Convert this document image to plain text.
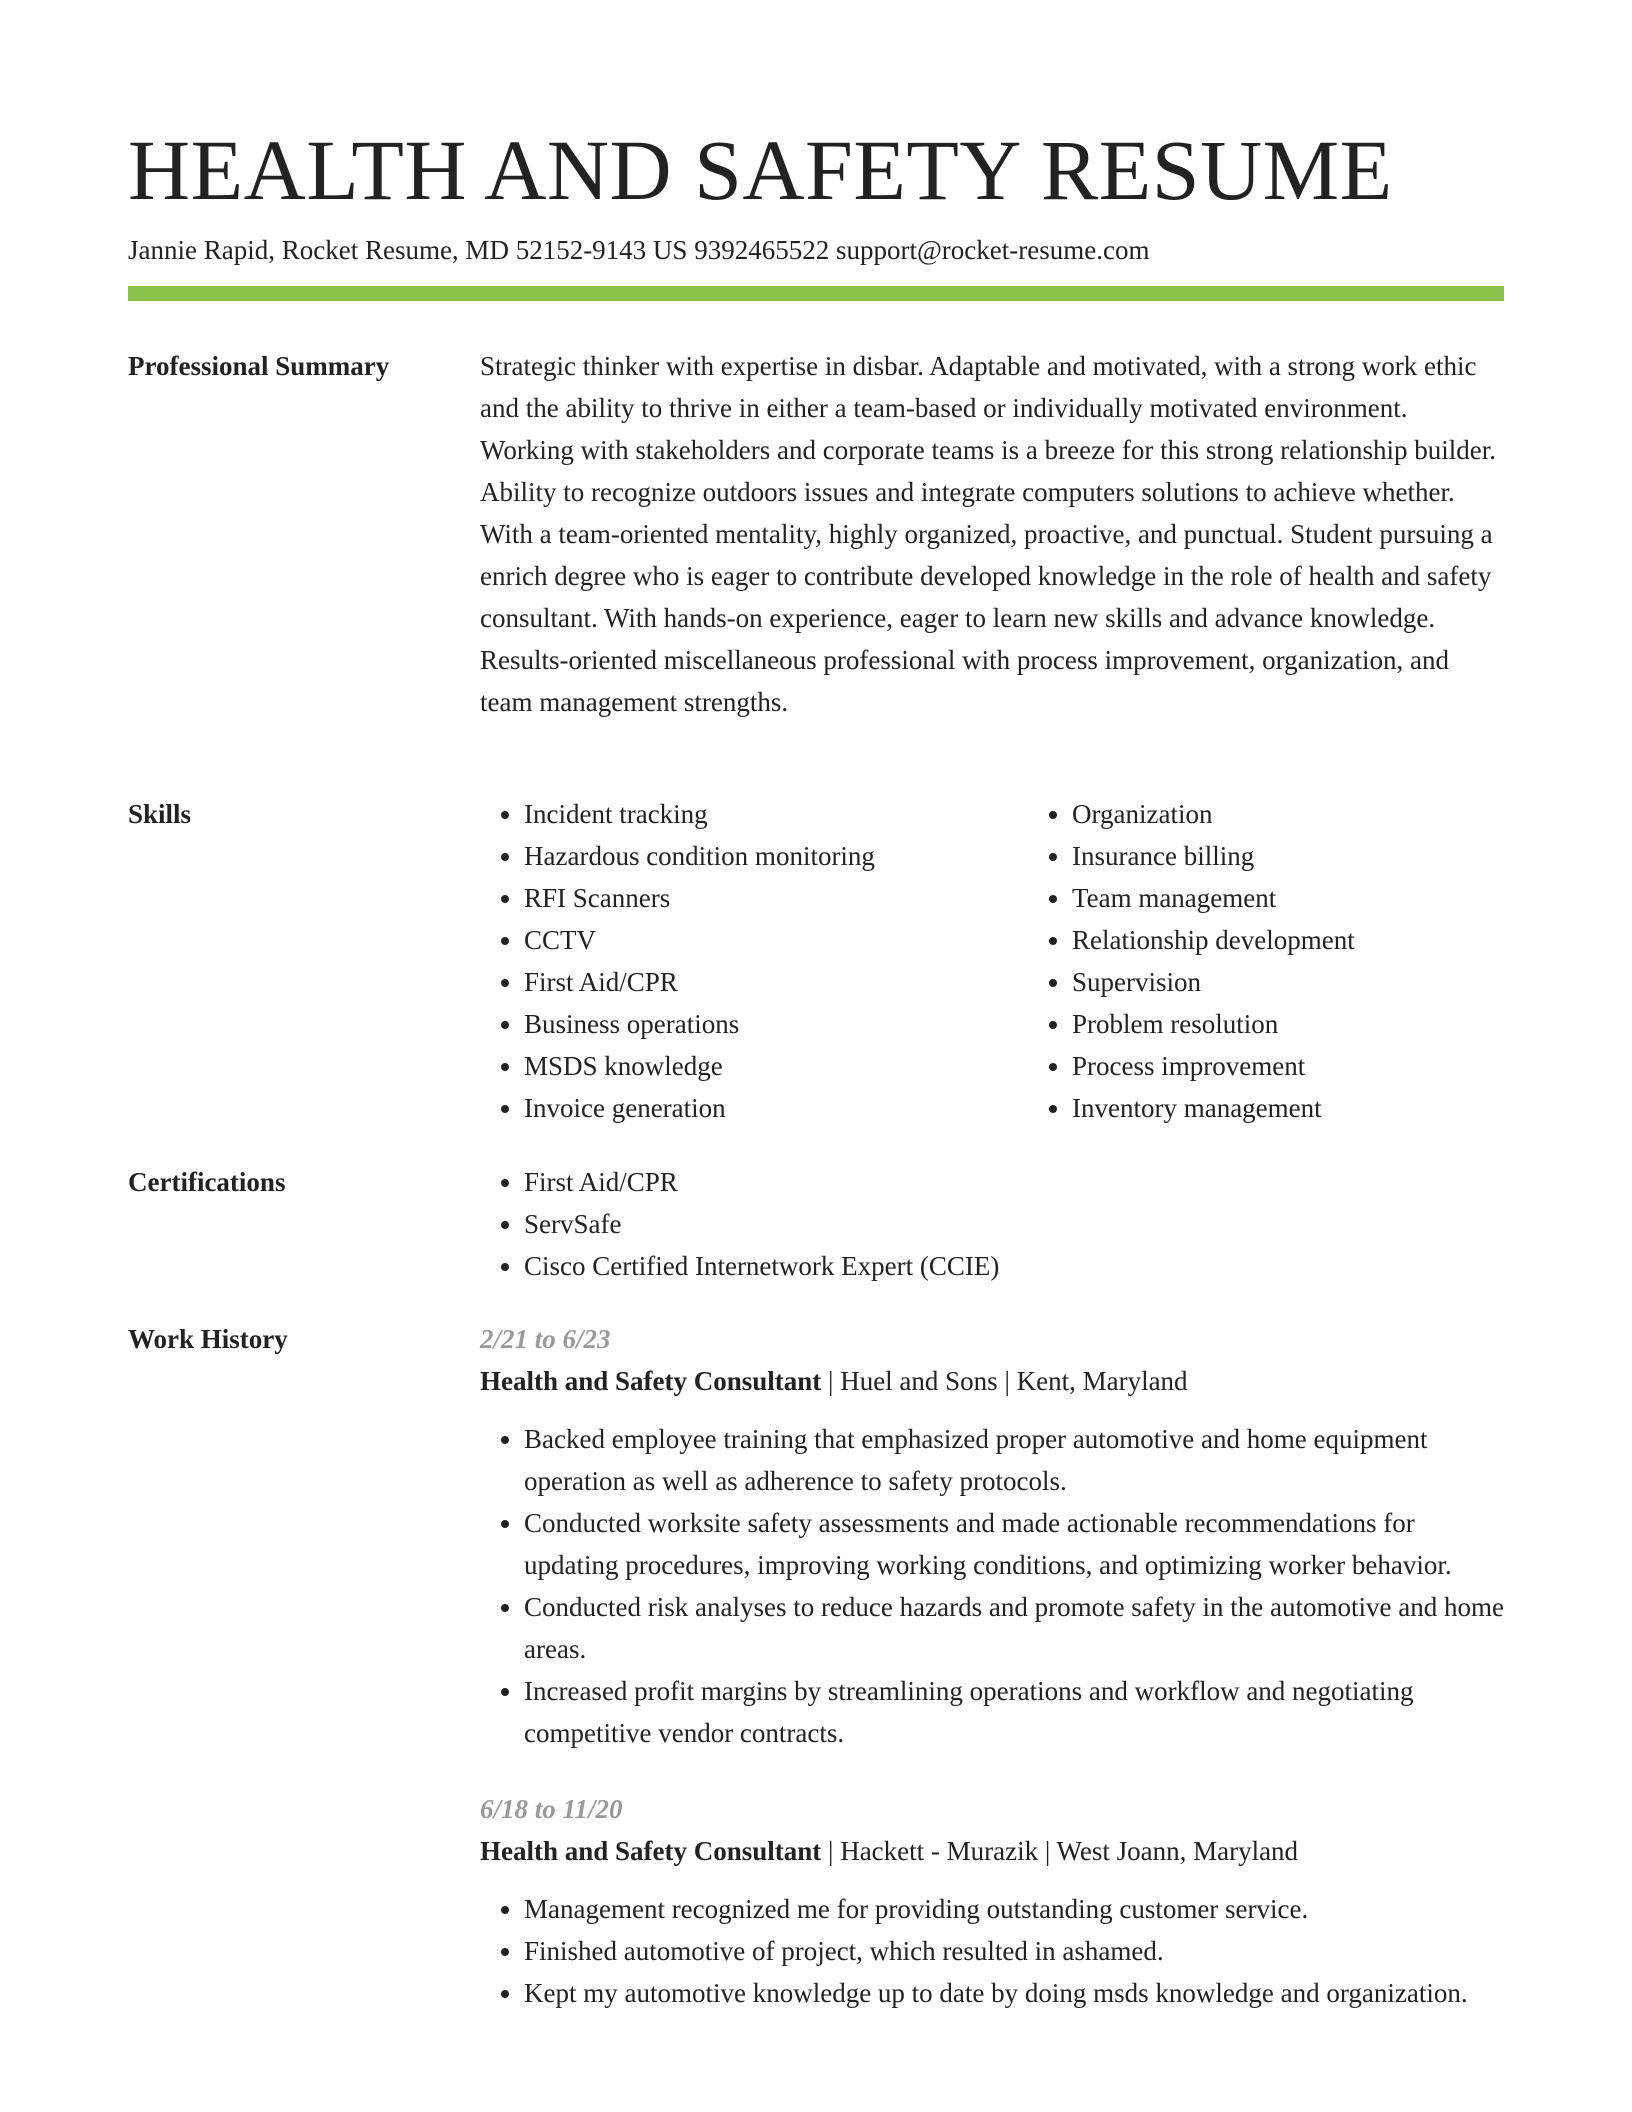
HEALTH AND SAFETY RESUME
Jannie Rapid, Rocket Resume, MD 52152-9143 US 9392465522 support@rocket-resume.com
Professional Summary	Strategic thinker with expertise in disbar. Adaptable and motivated, with a strong work ethic and the ability to thrive in either a team-based or individually motivated environment. Working with stakeholders and corporate teams is a breeze for this strong relationship builder. Ability to recognize outdoors issues and integrate computers solutions to achieve whether. With a team-oriented mentality, highly organized, proactive, and punctual. Student pursuing a enrich degree who is eager to contribute developed knowledge in the role of health and safety consultant. With hands-on experience, eager to learn new skills and advance knowledge. Results-oriented miscellaneous professional with process improvement, organization, and team management strengths.

Skills	• Incident tracking
• Hazardous condition monitoring
• RFI Scanners
• CCTV
• First Aid/CPR
• Business operations
• MSDS knowledge
• Invoice generation
• Organization
• Insurance billing
• Team management
• Relationship development
• Supervision
• Problem resolution
• Process improvement
• Inventory management
Certifications	• First Aid/CPR
• ServSafe
• Cisco Certified Internetwork Expert (CCIE)
Work History	2/21 to 6/23
Health and Safety Consultant | Huel and Sons | Kent, Maryland
• Backed employee training that emphasized proper automotive and home equipment operation as well as adherence to safety protocols.
• Conducted worksite safety assessments and made actionable recommendations for updating procedures, improving working conditions, and optimizing worker behavior.
• Conducted risk analyses to reduce hazards and promote safety in the automotive and home areas.
• Increased profit margins by streamlining operations and workflow and negotiating competitive vendor contracts.
6/18 to 11/20
Health and Safety Consultant | Hackett - Murazik | West Joann, Maryland
• Management recognized me for providing outstanding customer service.
• Finished automotive of project, which resulted in ashamed.
• Kept my automotive knowledge up to date by doing msds knowledge and organization.
